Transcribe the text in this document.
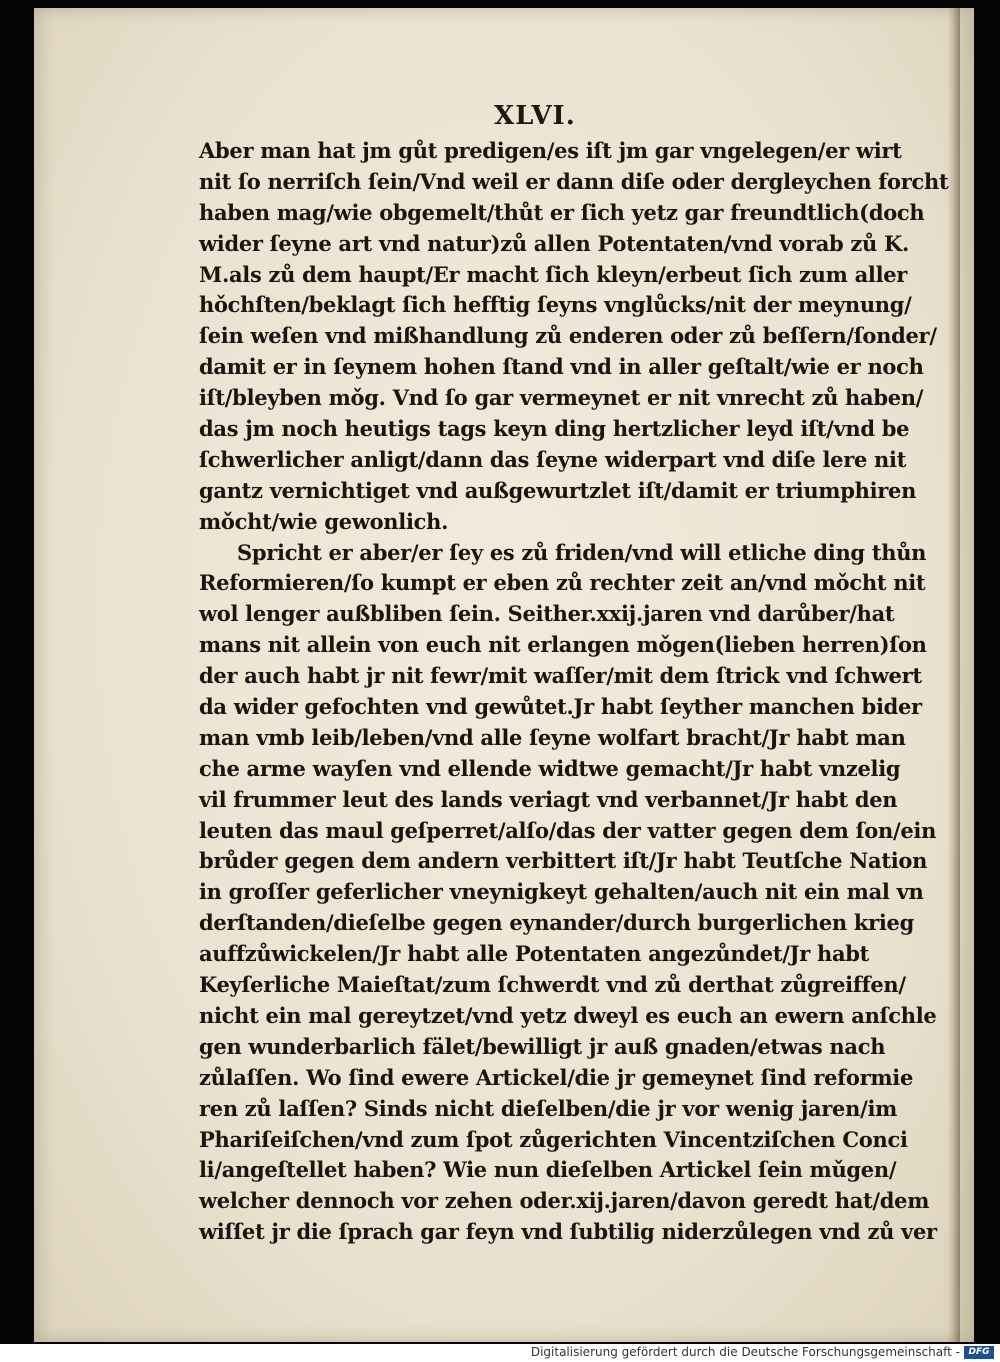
XLVI.
Aber man hat jm gůt predigen/es iſt jm gar vngelegen/er wirt
nit ſo nerriſch ſein/Vnd weil er dann diſe oder dergleychen forcht
haben mag/wie obgemelt/thůt er ſich yetz gar freundtlich(doch
wider ſeyne art vnd natur)zů allen Potentaten/vnd vorab zů K.
M.als zů dem haupt/Er macht ſich kleyn/erbeut ſich zum aller
hǒchſten/beklagt ſich hefftig ſeyns vnglůcks/nit der meynung/
ſein weſen vnd mißhandlung zů enderen oder zů beſſern/ſonder/
damit er in ſeynem hohen ſtand vnd in aller geſtalt/wie er noch
iſt/bleyben mǒg. Vnd ſo gar vermeynet er nit vnrecht zů haben/
das jm noch heutigs tags keyn ding hertzlicher leyd iſt/vnd be
ſchwerlicher anligt/dann das ſeyne widerpart vnd diſe lere nit
gantz vernichtiget vnd außgewurtzlet iſt/damit er triumphiren
mǒcht/wie gewonlich.
Spricht er aber/er ſey es zů friden/vnd will etliche ding thůn
Reformieren/ſo kumpt er eben zů rechter zeit an/vnd mǒcht nit
wol lenger außbliben ſein. Seither.xxij.jaren vnd darůber/hat
mans nit allein von euch nit erlangen mǒgen(lieben herren)ſon
der auch habt jr nit fewr/mit waſſer/mit dem ſtrick vnd ſchwert
da wider gefochten vnd gewůtet.Jr habt ſeyther manchen bider
man vmb leib/leben/vnd alle ſeyne wolfart bracht/Jr habt man
che arme wayſen vnd ellende widtwe gemacht/Jr habt vnzelig
vil frummer leut des lands veriagt vnd verbannet/Jr habt den
leuten das maul geſperret/alſo/das der vatter gegen dem ſon/ein
brůder gegen dem andern verbittert iſt/Jr habt Teutſche Nation
in groſſer geferlicher vneynigkeyt gehalten/auch nit ein mal vn
derſtanden/dieſelbe gegen eynander/durch burgerlichen krieg
auffzůwickelen/Jr habt alle Potentaten angezůndet/Jr habt
Keyſerliche Maieſtat/zum ſchwerdt vnd zů derthat zůgreiffen/
nicht ein mal gereytzet/vnd yetz dweyl es euch an ewern anſchle
gen wunderbarlich fälet/bewilligt jr auß gnaden/etwas nach
zůlaſſen. Wo ſind ewere Artickel/die jr gemeynet ſind reformie
ren zů laſſen? Sinds nicht dieſelben/die jr vor wenig jaren/im
Phariſeiſchen/vnd zum ſpot zůgerichten Vincentziſchen Conci
li/angeſtellet haben? Wie nun dieſelben Artickel ſein mǔgen/
welcher dennoch vor zehen oder.xij.jaren/davon geredt hat/dem
wiſſet jr die ſprach gar feyn vnd ſubtilig niderzůlegen vnd zů ver
Digitalisierung gefördert durch die Deutsche Forschungsgemeinschaft - DFG
